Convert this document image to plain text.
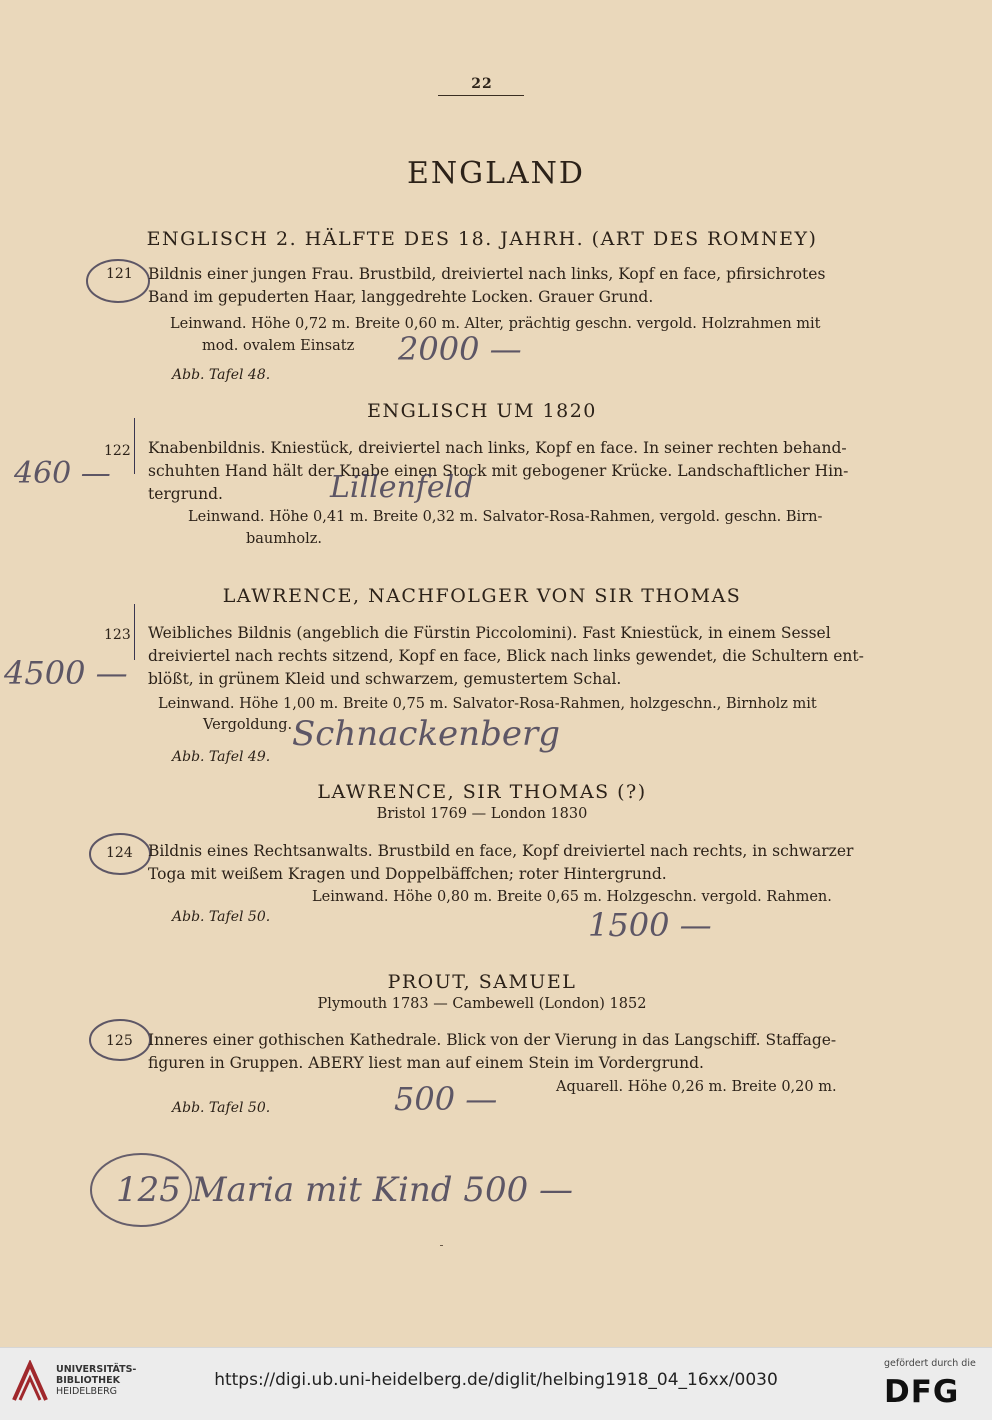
22
ENGLAND
ENGLISCH 2. HÄLFTE DES 18. JAHRH. (ART DES ROMNEY)
121 Bildnis einer jungen Frau. Brustbild, dreiviertel nach links, Kopf en face, pfirsichrotes
Band im gepuderten Haar, langgedrehte Locken. Grauer Grund.
Leinwand. Höhe 0,72 m. Breite 0,60 m. Alter, prächtig geschn. vergold. Holzrahmen mit
mod. ovalem Einsatz	2000 —
Abb. Tafel 48.
ENGLISCH UM 1820
122
460 —
Knabenbildnis. Kniestück, dreiviertel nach links, Kopf en face. In seiner rechten behand-
schuhten Hand hält der Knabe einen Stock mit gebogener Krücke. Landschaftlicher Hin-
tergrund.	Lillenfeld
Leinwand. Höhe 0,41 m. Breite 0,32 m. Salvator-Rosa-Rahmen, vergold. geschn. Birn-
baumholz.
LAWRENCE, NACHFOLGER VON SIR THOMAS
123
4500 —
Weibliches Bildnis (angeblich die Fürstin Piccolomini). Fast Kniestück, in einem Sessel
dreiviertel nach rechts sitzend, Kopf en face, Blick nach links gewendet, die Schultern ent-
blößt, in grünem Kleid und schwarzem, gemustertem Schal.
Leinwand. Höhe 1,00 m. Breite 0,75 m. Salvator-Rosa-Rahmen, holzgeschn., Birnholz mit
Vergoldung. Schnackenberg
Abb. Tafel 49.
LAWRENCE, SIR THOMAS (?)
Bristol 1769 — London 1830
124 Bildnis eines Rechtsanwalts. Brustbild en face, Kopf dreiviertel nach rechts, in schwarzer
Toga mit weißem Kragen und Doppelbäffchen; roter Hintergrund.
Leinwand. Höhe 0,80 m. Breite 0,65 m. Holzgeschn. vergold. Rahmen.
Abb. Tafel 50.	1500 —
PROUT, SAMUEL
Plymouth 1783 — Cambewell (London) 1852
125 Inneres einer gothischen Kathedrale. Blick von der Vierung in das Langschiff. Staffage-
figuren in Gruppen. ABERY liest man auf einem Stein im Vordergrund.
Aquarell. Höhe 0,26 m. Breite 0,20 m.
500 —
Abb. Tafel 50.
125 Maria mit Kind 500 —
UNIVERSITÄTS-
BIBLIOTHEK
HEIDELBERG
https://digi.ub.uni-heidelberg.de/diglit/helbing1918_04_16xx/0030
gefördert durch die
DFG
